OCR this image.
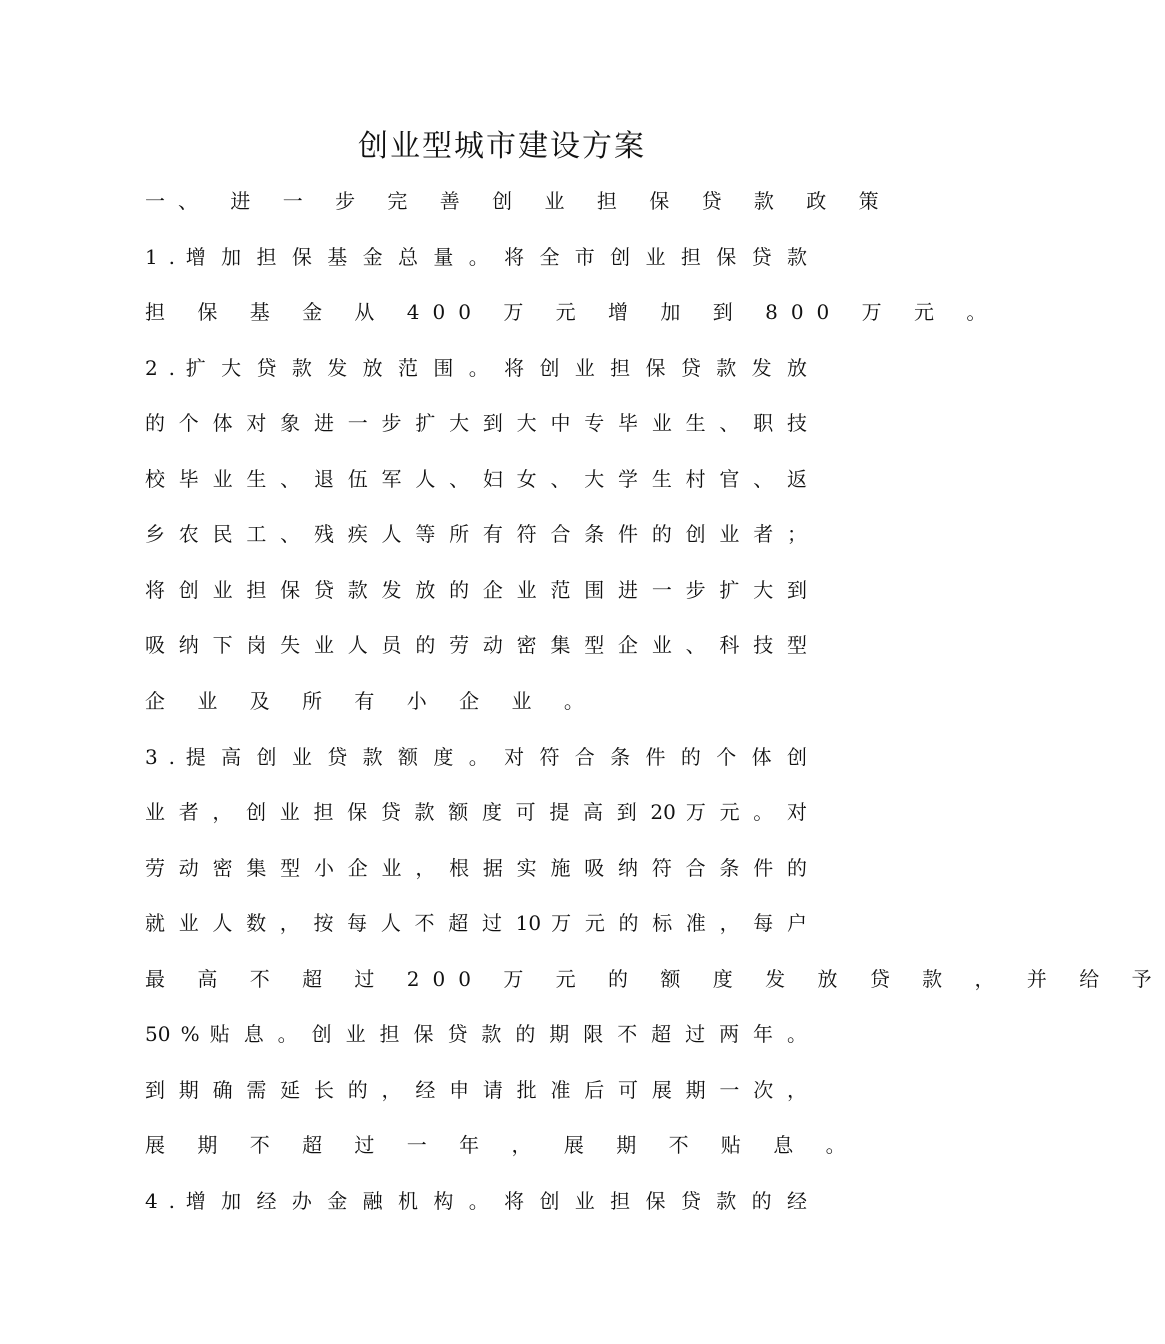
创业型城市建设方案
一、 进 一 步 完 善 创 业 担 保 贷 款 政 策
1 . 增 加 担 保 基 金 总 量 。 将 全 市 创 业 担 保 贷 款
担 保 基 金 从 400 万 元 增 加 到 800 万 元 。
2 . 扩 大 贷 款 发 放 范 围 。 将 创 业 担 保 贷 款 发 放
的 个 体 对 象 进 一 步 扩 大 到 大 中 专 毕 业 生 、 职 技
校 毕 业 生 、 退 伍 军 人 、 妇 女 、 大 学 生 村 官 、 返
乡 农 民 工 、 残 疾 人 等 所 有 符 合 条 件 的 创 业 者 ；
将 创 业 担 保 贷 款 发 放 的 企 业 范 围 进 一 步 扩 大 到
吸 纳 下 岗 失 业 人 员 的 劳 动 密 集 型 企 业 、 科 技 型
企 业 及 所 有 小 企 业 。
3 . 提 高 创 业 贷 款 额 度 。 对 符 合 条 件 的 个 体 创
业 者 ， 创 业 担 保 贷 款 额 度 可 提 高 到 20 万 元 。 对
劳 动 密 集 型 小 企 业 ， 根 据 实 施 吸 纳 符 合 条 件 的
就 业 人 数 ， 按 每 人 不 超 过 10 万 元 的 标 准 ， 每 户
最 高 不 超 过 200 万 元 的 额 度 发 放 贷 款 ， 并 给 予
50 % 贴 息 。 创 业 担 保 贷 款 的 期 限 不 超 过 两 年 。
到 期 确 需 延 长 的 ， 经 申 请 批 准 后 可 展 期 一 次 ，
展 期 不 超 过 一 年 ， 展 期 不 贴 息 。
4 . 增 加 经 办 金 融 机 构 。 将 创 业 担 保 贷 款 的 经
